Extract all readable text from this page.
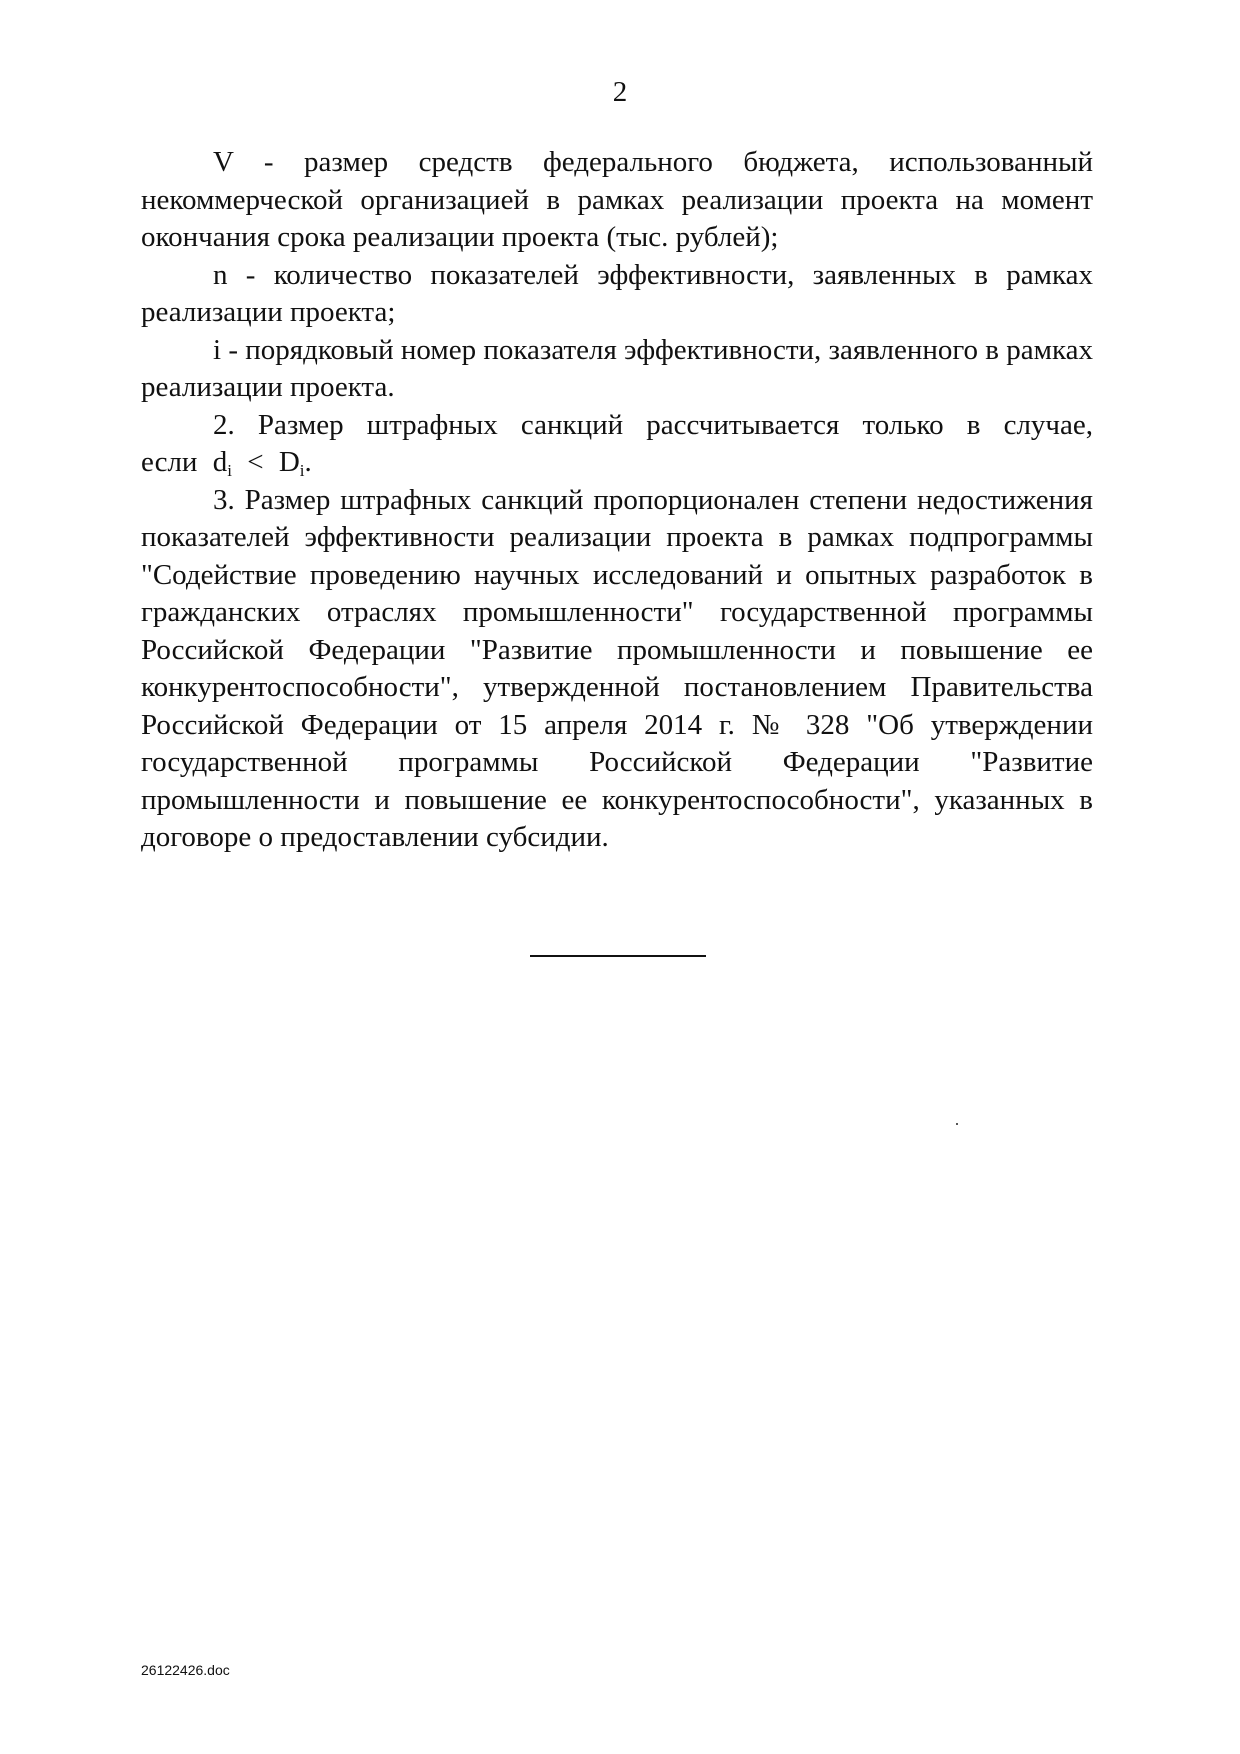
2

V - размер средств федерального бюджета, использованный некоммерческой организацией в рамках реализации проекта на момент окончания срока реализации проекта (тыс. рублей);

n - количество показателей эффективности, заявленных в рамках реализации проекта;

i - порядковый номер показателя эффективности, заявленного в рамках реализации проекта.

2. Размер штрафных санкций рассчитывается только в случае, если $d_i < D_i$.

3. Размер штрафных санкций пропорционален степени недостижения показателей эффективности реализации проекта в рамках подпрограммы "Содействие проведению научных исследований и опытных разработок в гражданских отраслях промышленности" государственной программы Российской Федерации "Развитие промышленности и повышение ее конкурентоспособности", утвержденной постановлением Правительства Российской Федерации от 15 апреля 2014 г. № 328 "Об утверждении государственной программы Российской Федерации "Развитие промышленности и повышение ее конкурентоспособности", указанных в договоре о предоставлении субсидии.

26122426.doc
